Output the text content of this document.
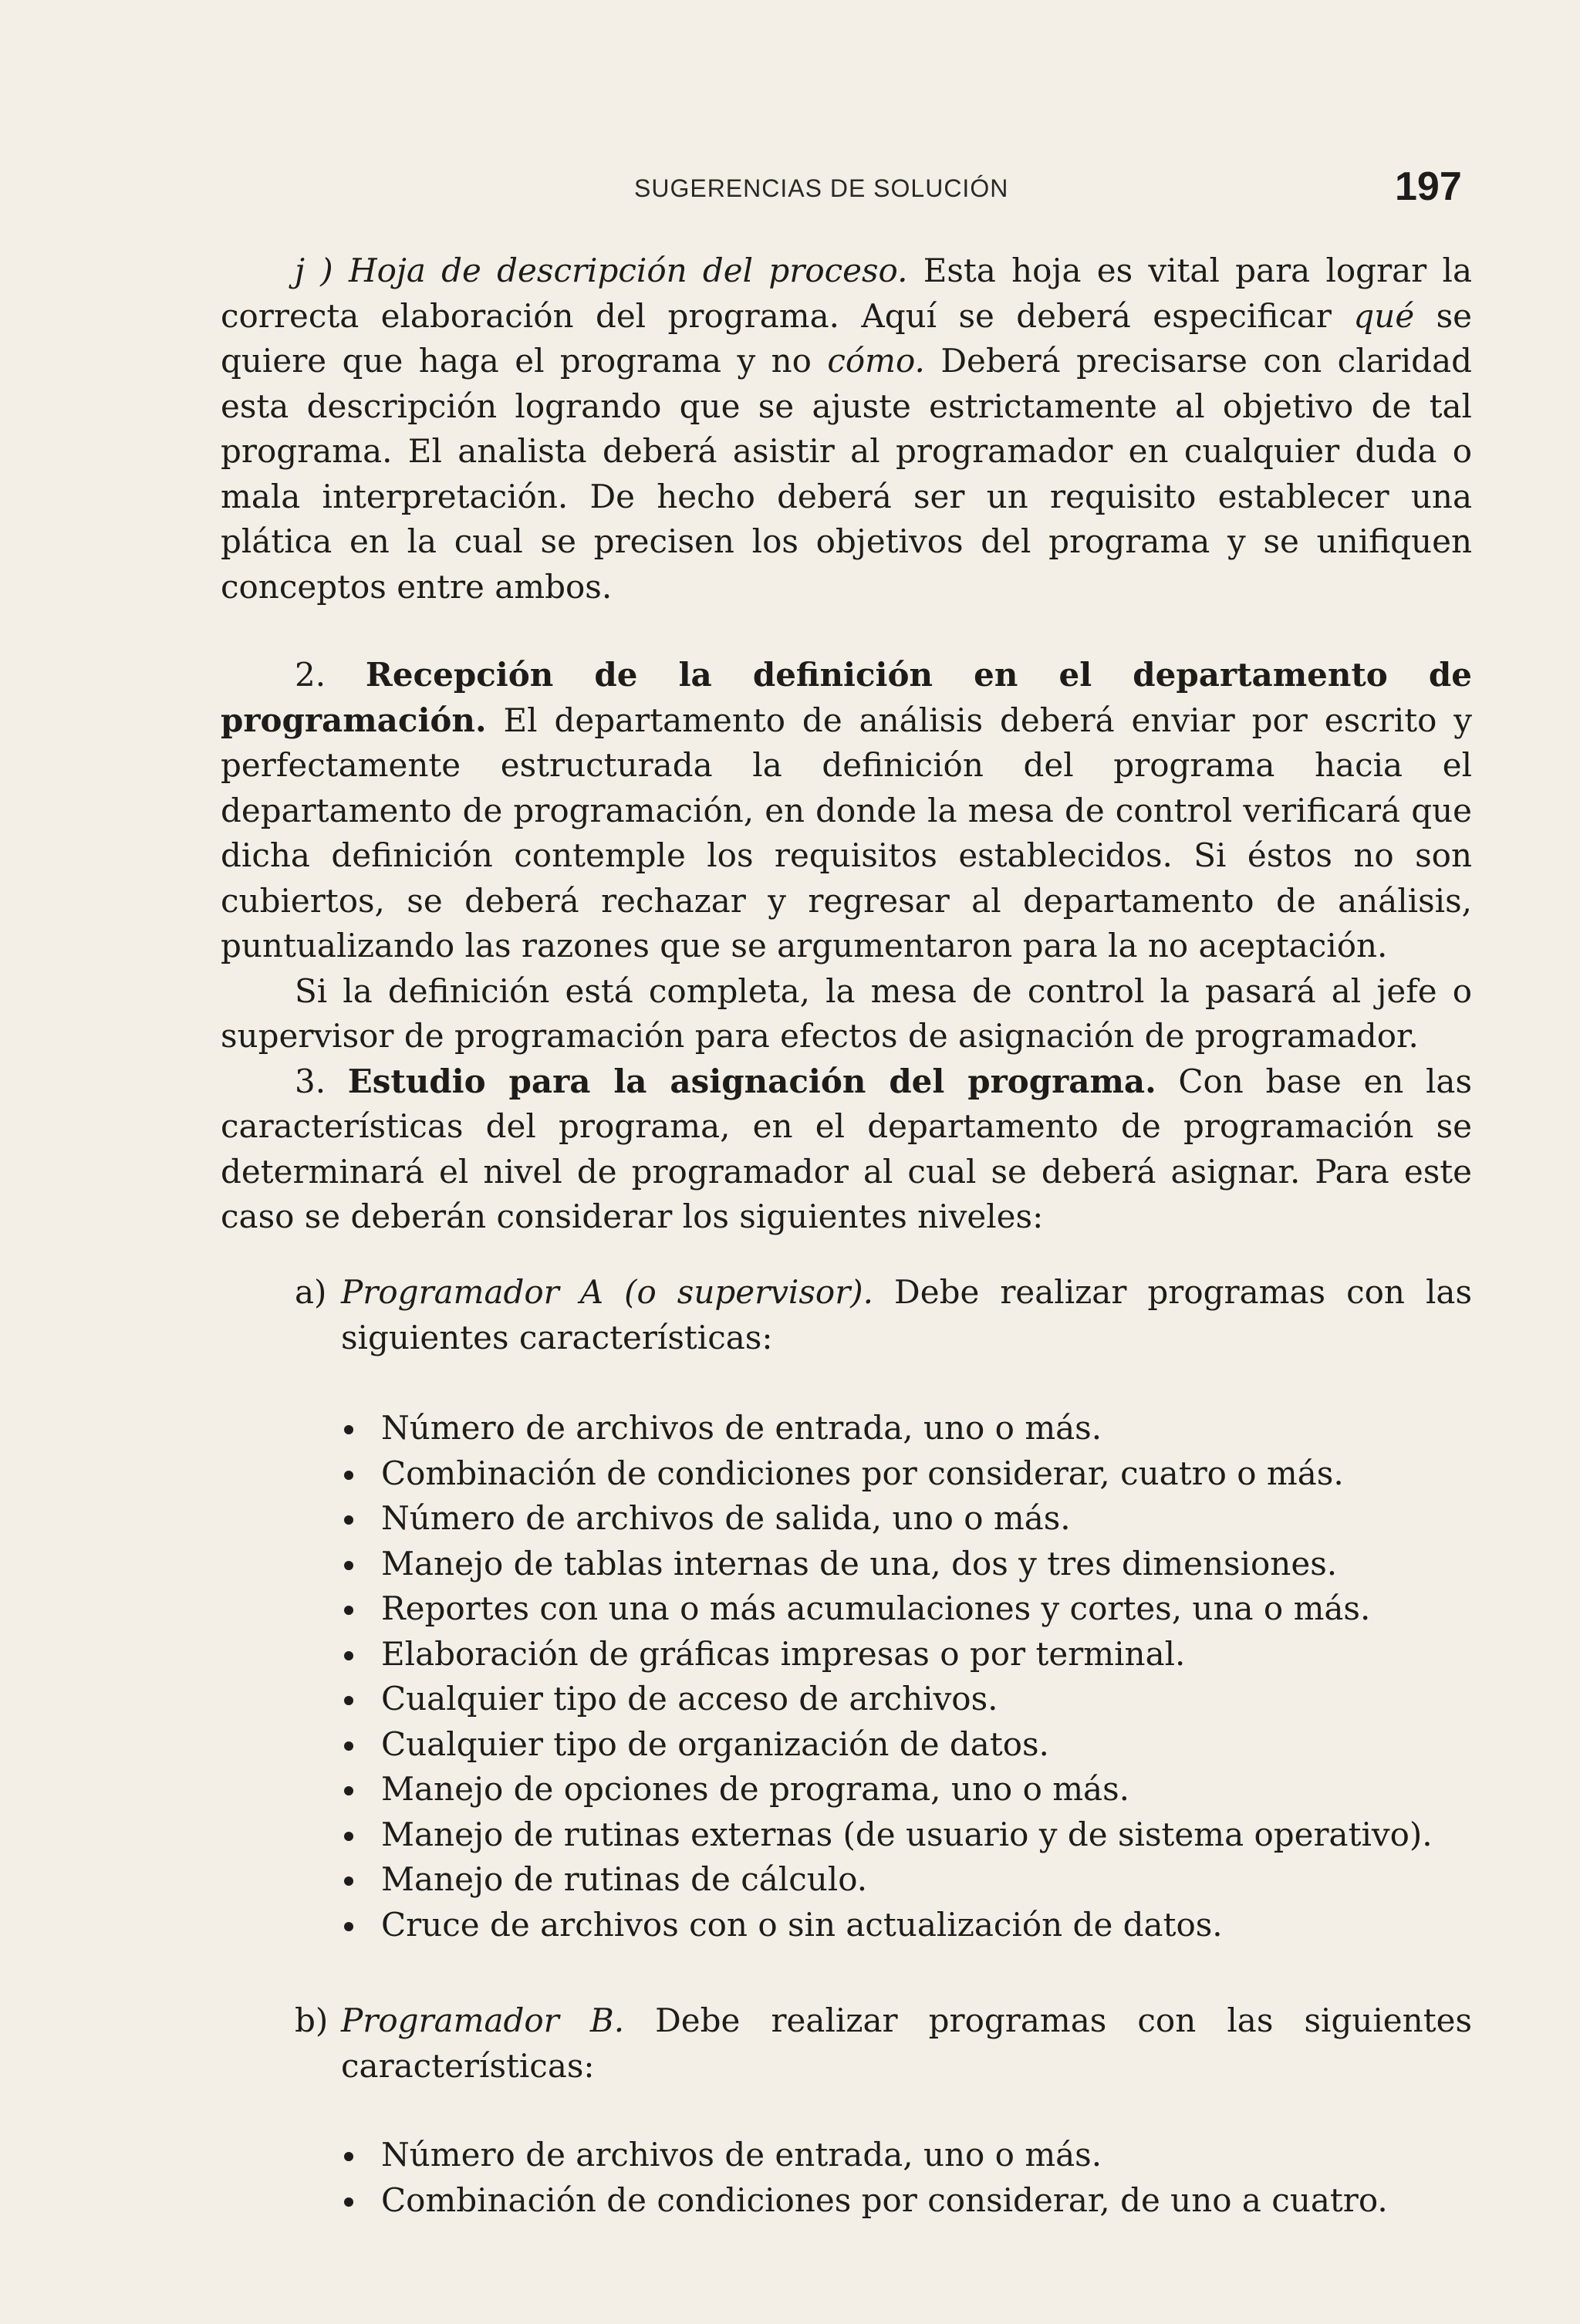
SUGERENCIAS DE SOLUCIÓN	197

j ) Hoja de descripción del proceso. Esta hoja es vital para lograr la correcta elaboración del programa. Aquí se deberá especificar qué se quiere que haga el programa y no cómo. Deberá precisarse con claridad esta descripción logrando que se ajuste estrictamente al objetivo de tal programa. El analista deberá asistir al programador en cualquier duda o mala interpretación. De hecho deberá ser un requisito establecer una plática en la cual se precisen los objetivos del programa y se unifiquen conceptos entre ambos.

2. Recepción de la definición en el departamento de programación. El departamento de análisis deberá enviar por escrito y perfectamente estructurada la definición del programa hacia el departamento de programación, en donde la mesa de control verificará que dicha definición contemple los requisitos establecidos. Si éstos no son cubiertos, se deberá rechazar y regresar al departamento de análisis, puntualizando las razones que se argumentaron para la no aceptación.

Si la definición está completa, la mesa de control la pasará al jefe o supervisor de programación para efectos de asignación de programador.

3. Estudio para la asignación del programa. Con base en las características del programa, en el departamento de programación se determinará el nivel de programador al cual se deberá asignar. Para este caso se deberán considerar los siguientes niveles:

a) Programador A (o supervisor). Debe realizar programas con las siguientes características:
Número de archivos de entrada, uno o más.
Combinación de condiciones por considerar, cuatro o más.
Número de archivos de salida, uno o más.
Manejo de tablas internas de una, dos y tres dimensiones.
Reportes con una o más acumulaciones y cortes, una o más.
Elaboración de gráficas impresas o por terminal.
Cualquier tipo de acceso de archivos.
Cualquier tipo de organización de datos.
Manejo de opciones de programa, uno o más.
Manejo de rutinas externas (de usuario y de sistema operativo).
Manejo de rutinas de cálculo.
Cruce de archivos con o sin actualización de datos.
b) Programador B. Debe realizar programas con las siguientes características:
Número de archivos de entrada, uno o más.
Combinación de condiciones por considerar, de uno a cuatro.
